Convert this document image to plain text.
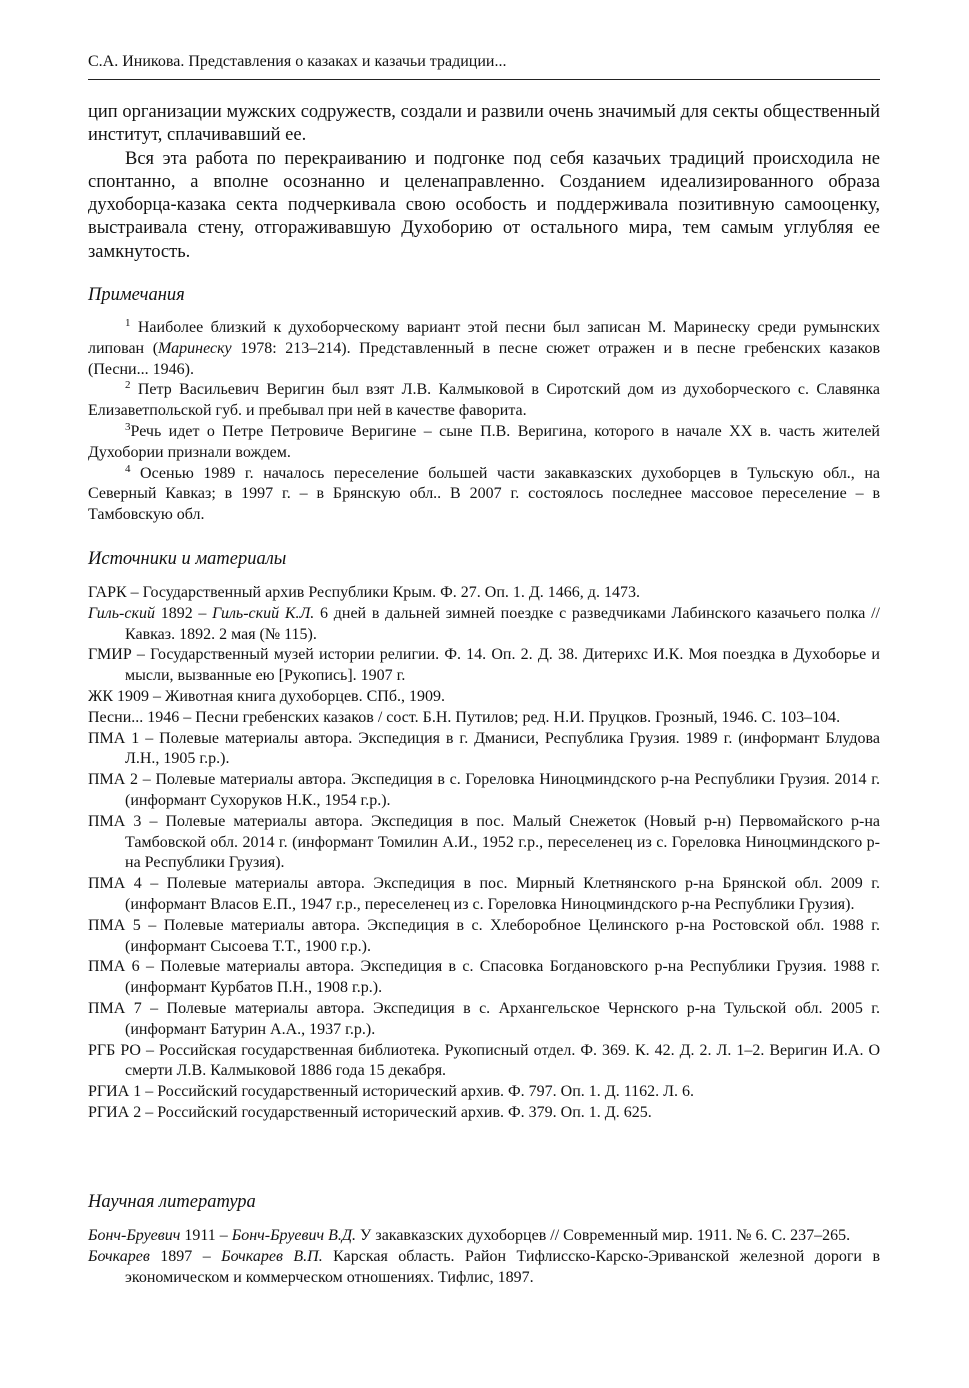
С.А. Иникова. Представления о казаках и казачьи традиции...

цип организации мужских содружеств, создали и развили очень значимый для секты общественный институт, сплачивавший ее.

Вся эта работа по перекраиванию и подгонке под себя казачьих традиций происходила не спонтанно, а вполне осознанно и целенаправленно. Созданием идеализированного образа духоборца-казака секта подчеркивала свою особость и поддерживала позитивную самооценку, выстраивала стену, отгораживавшую Духоборию от остального мира, тем самым углубляя ее замкнутость.

Примечания

$^1$ Наиболее близкий к духоборческому вариант этой песни был записан М. Маринеску среди румынских липован (Маринеску 1978: 213–214). Представленный в песне сюжет отражен и в песне гребенских казаков (Песни... 1946).

$^2$ Петр Васильевич Веригин был взят Л.В. Калмыковой в Сиротский дом из духоборческого с. Славянка Елизаветпольской губ. и пребывал при ней в качестве фаворита.

$^3$Речь идет о Петре Петровиче Веригине – сыне П.В. Веригина, которого в начале XX в. часть жителей Духобории признали вождем.

$^4$ Осенью 1989 г. началось переселение большей части закавказских духоборцев в Тульскую обл., на Северный Кавказ; в 1997 г. – в Брянскую обл.. В 2007 г. состоялось последнее массовое переселение – в Тамбовскую обл.

Источники и материалы
ГАРК – Государственный архив Республики Крым. Ф. 27. Оп. 1. Д. 1466, д. 1473.
Гиль-ский 1892 – Гиль-ский К.Л. 6 дней в дальней зимней поездке с разведчиками Лабинского казачьего полка // Кавказ. 1892. 2 мая (№ 115).
ГМИР – Государственный музей истории религии. Ф. 14. Оп. 2. Д. 38. Дитерихс И.К. Моя поездка в Духоборье и мысли, вызванные ею [Рукопись]. 1907 г.
ЖК 1909 – Животная книга духоборцев. СПб., 1909.
Песни... 1946 – Песни гребенских казаков / сост. Б.Н. Путилов; ред. Н.И. Пруцков. Грозный, 1946. С. 103–104.
ПМА 1 – Полевые материалы автора. Экспедиция в г. Дманиси, Республика Грузия. 1989 г. (информант Блудова Л.Н., 1905 г.р.).
ПМА 2 – Полевые материалы автора. Экспедиция в с. Гореловка Ниноцминдского р-на Республики Грузия. 2014 г. (информант Сухоруков Н.К., 1954 г.р.).
ПМА 3 – Полевые материалы автора. Экспедиция в пос. Малый Снежеток (Новый р-н) Первомайского р-на Тамбовской обл. 2014 г. (информант Томилин А.И., 1952 г.р., переселенец из с. Гореловка Ниноцминдского р-на Республики Грузия).
ПМА 4 – Полевые материалы автора. Экспедиция в пос. Мирный Клетнянского р-на Брянской обл. 2009 г. (информант Власов Е.П., 1947 г.р., переселенец из с. Гореловка Ниноцминдского р-на Республики Грузия).
ПМА 5 – Полевые материалы автора. Экспедиция в с. Хлеборобное Целинского р-на Ростовской обл. 1988 г. (информант Сысоева Т.Т., 1900 г.р.).
ПМА 6 – Полевые материалы автора. Экспедиция в с. Спасовка Богдановского р-на Республики Грузия. 1988 г. (информант Курбатов П.Н., 1908 г.р.).
ПМА 7 – Полевые материалы автора. Экспедиция в с. Архангельское Чернского р-на Тульской обл. 2005 г. (информант Батурин А.А., 1937 г.р.).
РГБ РО – Российская государственная библиотека. Рукописный отдел. Ф. 369. К. 42. Д. 2. Л. 1–2. Веригин И.А. О смерти Л.В. Калмыковой 1886 года 15 декабря.
РГИА 1 – Российский государственный исторический архив. Ф. 797. Оп. 1. Д. 1162. Л. 6.
РГИА 2 – Российский государственный исторический архив. Ф. 379. Оп. 1. Д. 625.
Научная литература
Бонч-Бруевич 1911 – Бонч-Бруевич В.Д. У закавказских духоборцев // Современный мир. 1911. № 6. С. 237–265.
Бочкарев 1897 – Бочкарев В.П. Карская область. Район Тифлисско-Карско-Эриванской железной дороги в экономическом и коммерческом отношениях. Тифлис, 1897.
